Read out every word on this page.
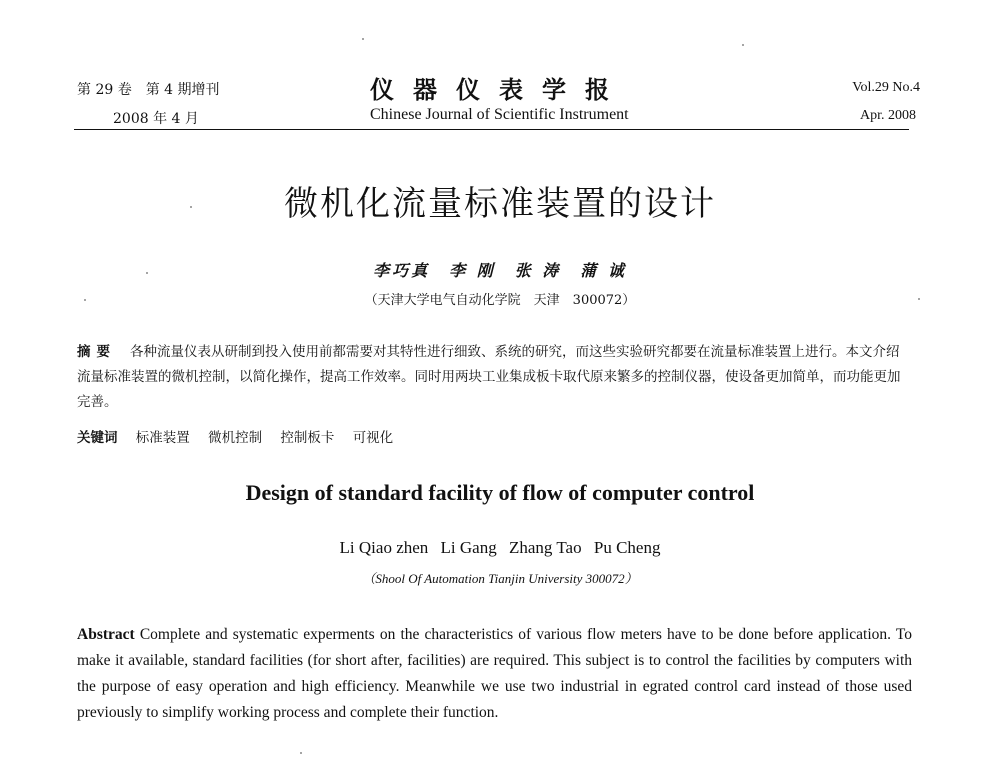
第 29 卷　第 4 期增刊
2008 年 4 月
仪器仪表学报
Chinese Journal of Scientific Instrument
Vol.29 No.4
Apr. 2008
微机化流量标准装置的设计
李巧真　李 刚　张 涛　蒲 诚
（天津大学电气自动化学院　天津　300072）
摘要 各种流量仪表从研制到投入使用前都需要对其特性进行细致、系统的研究，而这些实验研究都要在流量标准装置上进行。本文介绍流量标准装置的微机控制，以简化操作，提高工作效率。同时用两块工业集成板卡取代原来繁多的控制仪器，使设备更加简单，而功能更加完善。
关键词 标准装置 微机控制 控制板卡 可视化
Design of standard facility of flow of computer control
Li Qiao zhen Li Gang Zhang Tao Pu Cheng
（Shool Of Automation Tianjin University 300072）
Abstract Complete and systematic experments on the characteristics of various flow meters have to be done before application. To make it available, standard facilities (for short after, facilities) are required. This subject is to control the facilities by computers with the purpose of easy operation and high efficiency. Meanwhile we use two industrial in egrated control card instead of those used previously to simplify working process and complete their function.
